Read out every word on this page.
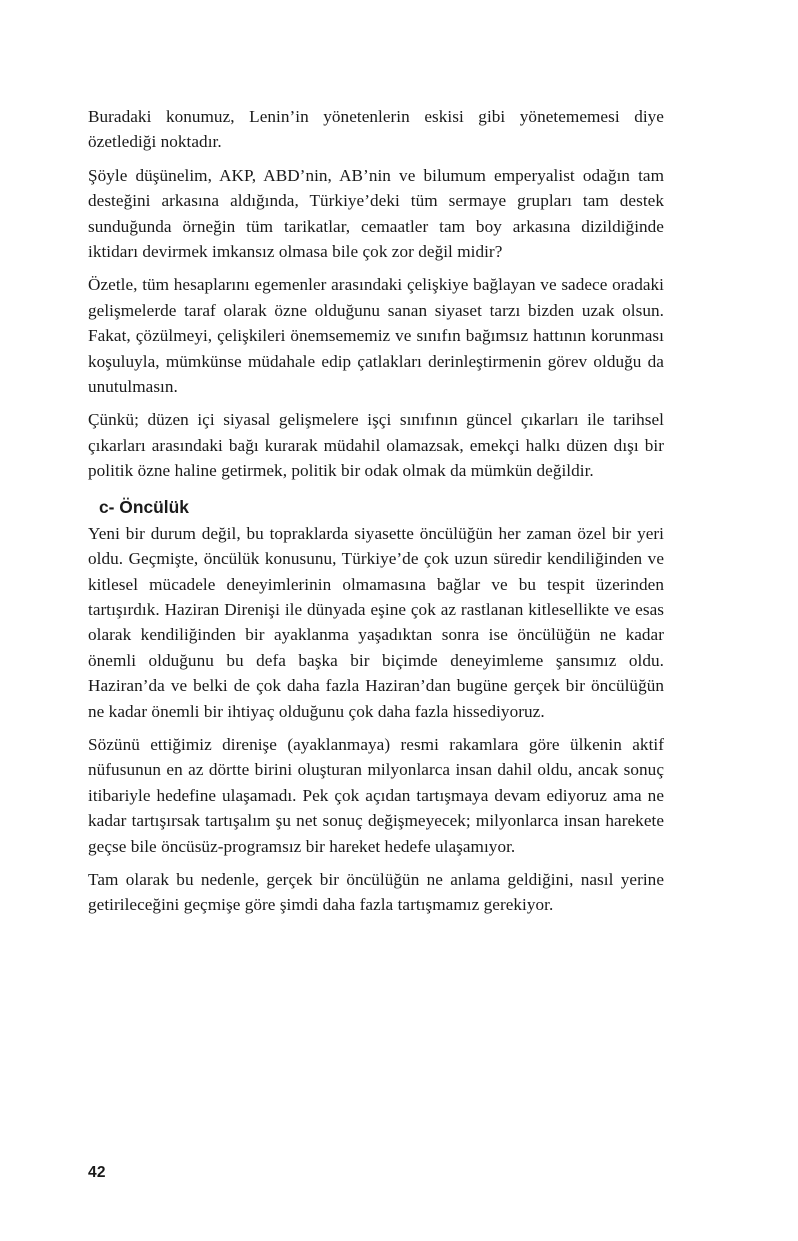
Buradaki konumuz, Lenin’in yönetenlerin eskisi gibi yönetememesi diye özetlediği noktadır.

Şöyle düşünelim, AKP, ABD’nin, AB’nin ve bilumum emperyalist odağın tam desteğini arkasına aldığında, Türkiye’deki tüm sermaye grupları tam destek sunduğunda örneğin tüm tarikatlar, cemaatler tam boy arkasına dizildiğinde iktidarı devirmek imkansız olmasa bile çok zor değil midir?

Özetle, tüm hesaplarını egemenler arasındaki çelişkiye bağlayan ve sadece oradaki gelişmelerde taraf olarak özne olduğunu sanan siyaset tarzı bizden uzak olsun. Fakat, çözülmeyi, çelişkileri önemsememiz ve sınıfın bağımsız hattının korunması koşuluyla, mümkünse müdahale edip çatlakları derinleştirmenin görev olduğu da unutulmasın.

Çünkü; düzen içi siyasal gelişmelere işçi sınıfının güncel çıkarları ile tarihsel çıkarları arasındaki bağı kurarak müdahil olamazsak, emekçi halkı düzen dışı bir politik özne haline getirmek, politik bir odak olmak da mümkün değildir.

c- Öncülük

Yeni bir durum değil, bu topraklarda siyasette öncülüğün her zaman özel bir yeri oldu. Geçmişte, öncülük konusunu, Türkiye’de çok uzun süredir kendiliğinden ve kitlesel mücadele deneyimlerinin olmamasına bağlar ve bu tespit üzerinden tartışırdık. Haziran Direnişi ile dünyada eşine çok az rastlanan kitlesellikte ve esas olarak kendiliğinden bir ayaklanma yaşadıktan sonra ise öncülüğün ne kadar önemli olduğunu bu defa başka bir biçimde deneyimleme şansımız oldu. Haziran’da ve belki de çok daha fazla Haziran’dan bugüne gerçek bir öncülüğün ne kadar önemli bir ihtiyaç olduğunu çok daha fazla hissediyoruz.

Sözünü ettiğimiz direnişe (ayaklanmaya) resmi rakamlara göre ülkenin aktif nüfusunun en az dörtte birini oluşturan milyonlarca insan dahil oldu, ancak sonuç itibariyle hedefine ulaşamadı. Pek çok açıdan tartışmaya devam ediyoruz ama ne kadar tartışırsak tartışalım şu net sonuç değişmeyecek; milyonlarca insan harekete geçse bile öncüsüz-programsız bir hareket hedefe ulaşamıyor.

Tam olarak bu nedenle, gerçek bir öncülüğün ne anlama geldiğini, nasıl yerine getirileceğini geçmişe göre şimdi daha fazla tartışmamız gerekiyor.

42
